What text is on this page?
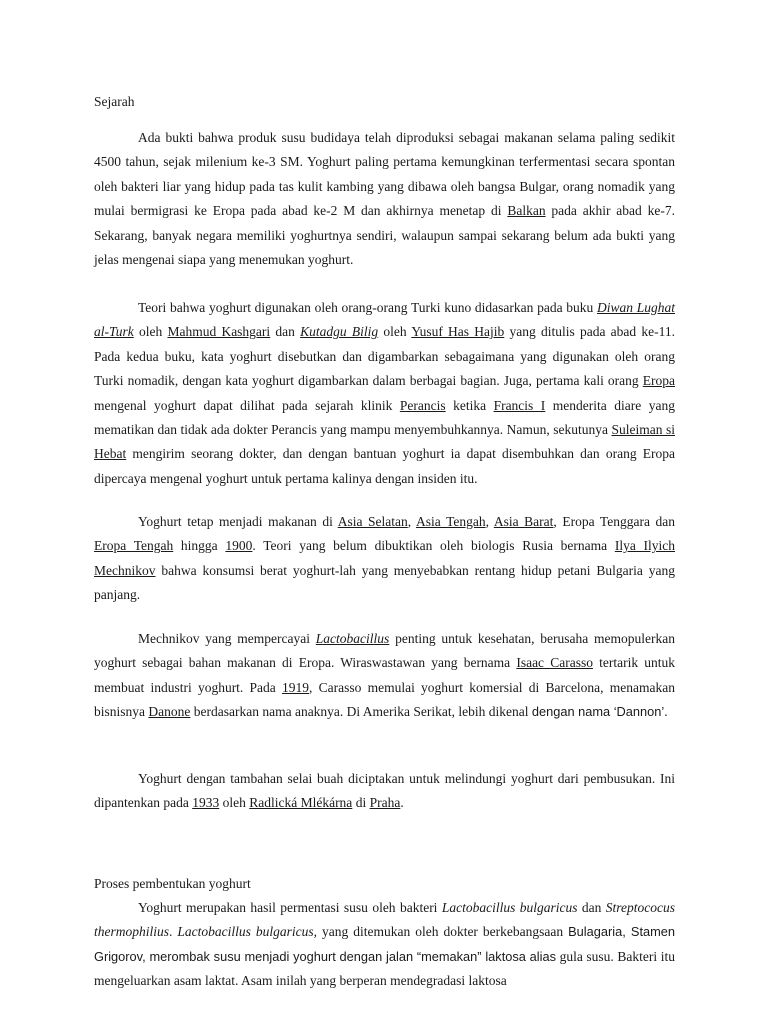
Sejarah

Ada bukti bahwa produk susu budidaya telah diproduksi sebagai makanan selama paling sedikit 4500 tahun, sejak milenium ke-3 SM. Yoghurt paling pertama kemungkinan terfermentasi secara spontan oleh bakteri liar yang hidup pada tas kulit kambing yang dibawa oleh bangsa Bulgar, orang nomadik yang mulai bermigrasi ke Eropa pada abad ke-2 M dan akhirnya menetap di Balkan pada akhir abad ke-7. Sekarang, banyak negara memiliki yoghurtnya sendiri, walaupun sampai sekarang belum ada bukti yang jelas mengenai siapa yang menemukan yoghurt.

Teori bahwa yoghurt digunakan oleh orang-orang Turki kuno didasarkan pada buku Diwan Lughat al-Turk oleh Mahmud Kashgari dan Kutadgu Bilig oleh Yusuf Has Hajib yang ditulis pada abad ke-11. Pada kedua buku, kata yoghurt disebutkan dan digambarkan sebagaimana yang digunakan oleh orang Turki nomadik, dengan kata yoghurt digambarkan dalam berbagai bagian. Juga, pertama kali orang Eropa mengenal yoghurt dapat dilihat pada sejarah klinik Perancis ketika Francis I menderita diare yang mematikan dan tidak ada dokter Perancis yang mampu menyembuhkannya. Namun, sekutunya Suleiman si Hebat mengirim seorang dokter, dan dengan bantuan yoghurt ia dapat disembuhkan dan orang Eropa dipercaya mengenal yoghurt untuk pertama kalinya dengan insiden itu.

Yoghurt tetap menjadi makanan di Asia Selatan, Asia Tengah, Asia Barat, Eropa Tenggara dan Eropa Tengah hingga 1900. Teori yang belum dibuktikan oleh biologis Rusia bernama Ilya Ilyich Mechnikov bahwa konsumsi berat yoghurt-lah yang menyebabkan rentang hidup petani Bulgaria yang panjang.

Mechnikov yang mempercayai Lactobacillus penting untuk kesehatan, berusaha memopulerkan yoghurt sebagai bahan makanan di Eropa. Wiraswastawan yang bernama Isaac Carasso tertarik untuk membuat industri yoghurt. Pada 1919, Carasso memulai yoghurt komersial di Barcelona, menamakan bisnisnya Danone berdasarkan nama anaknya. Di Amerika Serikat, lebih dikenal dengan nama ‘Dannon’.

Yoghurt dengan tambahan selai buah diciptakan untuk melindungi yoghurt dari pembusukan. Ini dipantenkan pada 1933 oleh Radlická Mlékárna di Praha.

Proses pembentukan yoghurt

Yoghurt merupakan hasil permentasi susu oleh bakteri Lactobacillus bulgaricus dan Streptococus thermophilius. Lactobacillus bulgaricus, yang ditemukan oleh dokter berkebangsaan Bulagaria, Stamen Grigorov, merombak susu menjadi yoghurt dengan jalan “memakan” laktosa alias gula susu. Bakteri itu mengeluarkan asam laktat. Asam inilah yang berperan mendegradasi laktosa
